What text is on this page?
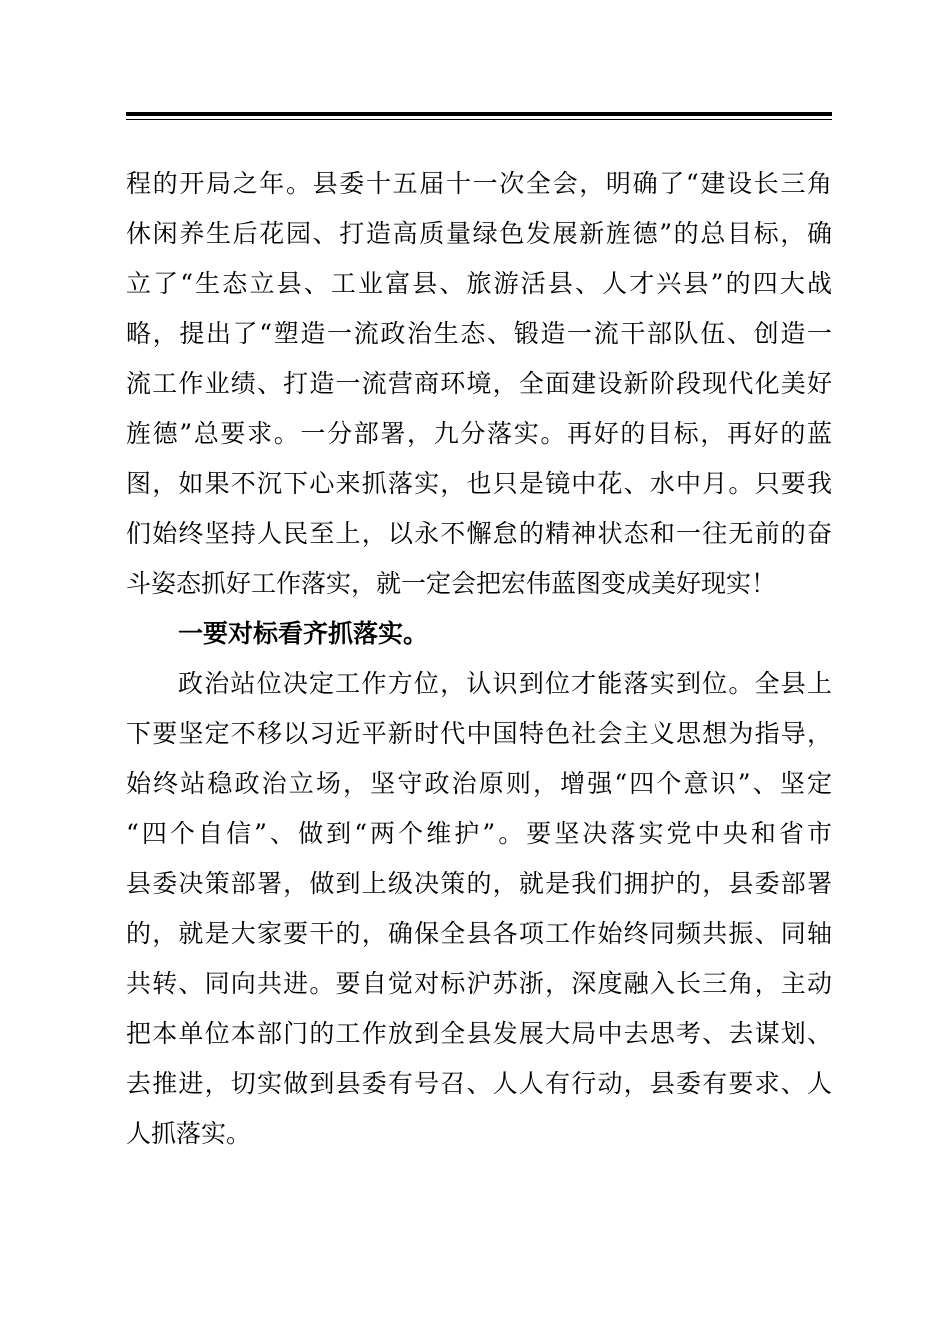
程的开局之年。县委十五届十一次全会，明确了“建设长三角
休闲养生后花园、打造高质量绿色发展新旌德”的总目标，确
立了“生态立县、工业富县、旅游活县、人才兴县”的四大战
略，提出了“塑造一流政治生态、锻造一流干部队伍、创造一
流工作业绩、打造一流营商环境，全面建设新阶段现代化美好
旌德”总要求。一分部署，九分落实。再好的目标，再好的蓝
图，如果不沉下心来抓落实，也只是镜中花、水中月。只要我
们始终坚持人民至上，以永不懈怠的精神状态和一往无前的奋
斗姿态抓好工作落实，就一定会把宏伟蓝图变成美好现实！
一要对标看齐抓落实。
政治站位决定工作方位，认识到位才能落实到位。全县上
下要坚定不移以习近平新时代中国特色社会主义思想为指导，
始终站稳政治立场，坚守政治原则，增强“四个意识”、坚定
“四个自信”、做到“两个维护”。要坚决落实党中央和省市
县委决策部署，做到上级决策的，就是我们拥护的，县委部署
的，就是大家要干的，确保全县各项工作始终同频共振、同轴
共转、同向共进。要自觉对标沪苏浙，深度融入长三角，主动
把本单位本部门的工作放到全县发展大局中去思考、去谋划、
去推进，切实做到县委有号召、人人有行动，县委有要求、人
人抓落实。
